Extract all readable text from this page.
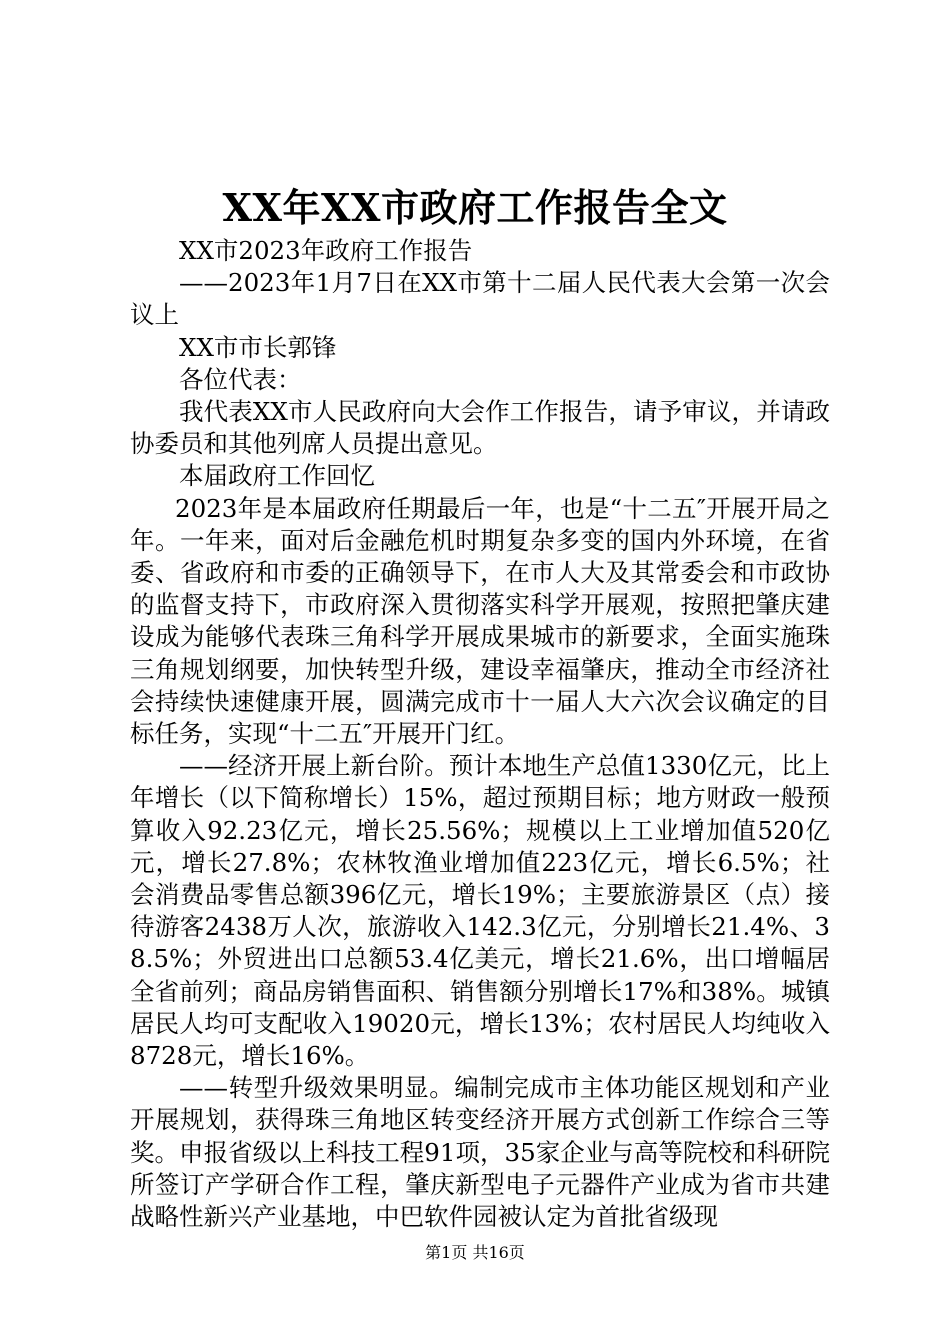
XX年XX市政府工作报告全文

XX市2023年政府工作报告

——2023年1月7日在XX市第十二届人民代表大会第一次会议上

XX市市长郭锋

各位代表：

我代表XX市人民政府向大会作工作报告，请予审议，并请政协委员和其他列席人员提出意见。

本届政府工作回忆

2023年是本届政府任期最后一年，也是“十二五″开展开局之年。一年来，面对后金融危机时期复杂多变的国内外环境，在省委、省政府和市委的正确领导下，在市人大及其常委会和市政协的监督支持下，市政府深入贯彻落实科学开展观，按照把肇庆建设成为能够代表珠三角科学开展成果城市的新要求，全面实施珠三角规划纲要，加快转型升级，建设幸福肇庆，推动全市经济社会持续快速健康开展，圆满完成市十一届人大六次会议确定的目标任务，实现“十二五″开展开门红。

——经济开展上新台阶。预计本地生产总值1330亿元，比上年增长（以下简称增长）15%，超过预期目标；地方财政一般预算收入92.23亿元，增长25.56%；规模以上工业增加值520亿元，增长27.8%；农林牧渔业增加值223亿元，增长6.5%；社会消费品零售总额396亿元，增长19%；主要旅游景区（点）接待游客2438万人次，旅游收入142.3亿元，分别增长21.4%、38.5%；外贸进出口总额53.4亿美元，增长21.6%，出口增幅居全省前列；商品房销售面积、销售额分别增长17%和38%。城镇居民人均可支配收入19020元，增长13%；农村居民人均纯收入8728元，增长16%。

——转型升级效果明显。编制完成市主体功能区规划和产业开展规划，获得珠三角地区转变经济开展方式创新工作综合三等奖。申报省级以上科技工程91项，35家企业与高等院校和科研院所签订产学研合作工程，肇庆新型电子元器件产业成为省市共建战略性新兴产业基地，中巴软件园被认定为首批省级现

第1页 共16页
